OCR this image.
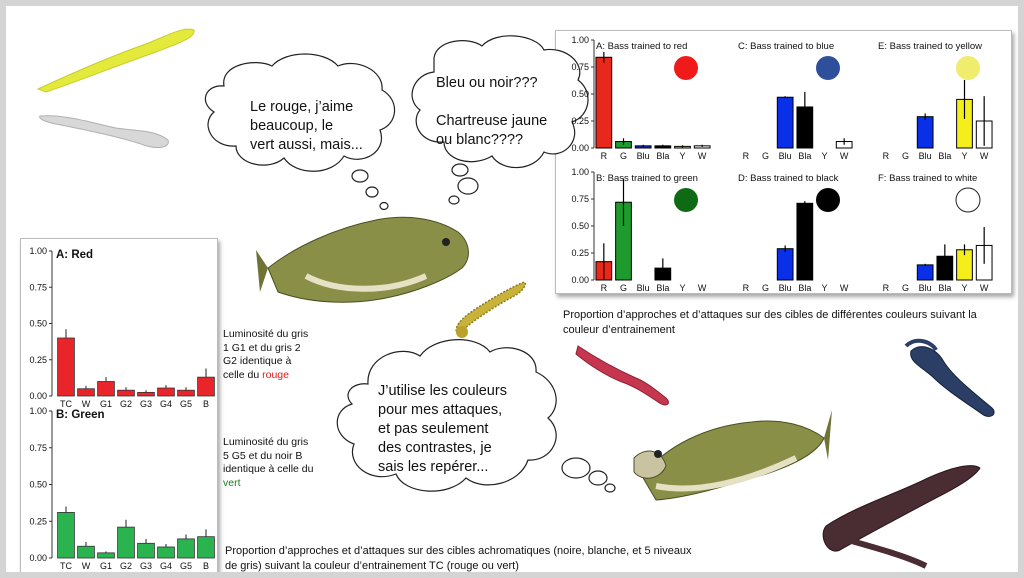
A: Bass trained to red
0.00
0.25
0.50
0.75
1.00
R G Blu Bla Y W
C: Bass trained to blue
R G Blu Bla Y W
E: Bass trained to yellow
R G Blu Bla Y W
B: Bass trained to green
0.00
0.25
0.50
0.75
1.00
R G Blu Bla Y W
D: Bass trained to black
R G Blu Bla Y W
F: Bass trained to white
R G Blu Bla Y W
A: Red
0.00
0.25
0.50
0.75
1.00
TC W G1 G2 G3 G4 G5 B
B: Green
0.00
0.25
0.50
0.75
1.00
TC W G1 G2 G3 G4 G5 B
Le rouge, j’aime
beaucoup, le
vert aussi, mais...
Bleu ou noir???
Chartreuse jaune
ou blanc????
J’utilise les couleurs
pour mes attaques,
et pas seulement
des contrastes, je
sais les repérer...
Luminosité du gris 1 G1 et du gris 2 G2 identique à celle du rouge
Luminosité du gris 5 G5 et du noir B identique à celle du vert
Proportion d’approches et d’attaques sur des cibles de différentes couleurs suivant la couleur d’entrainement
Proportion d’approches et d’attaques sur des cibles achromatiques (noire, blanche, et 5 niveaux de gris) suivant la couleur d’entrainement TC (rouge ou vert)
